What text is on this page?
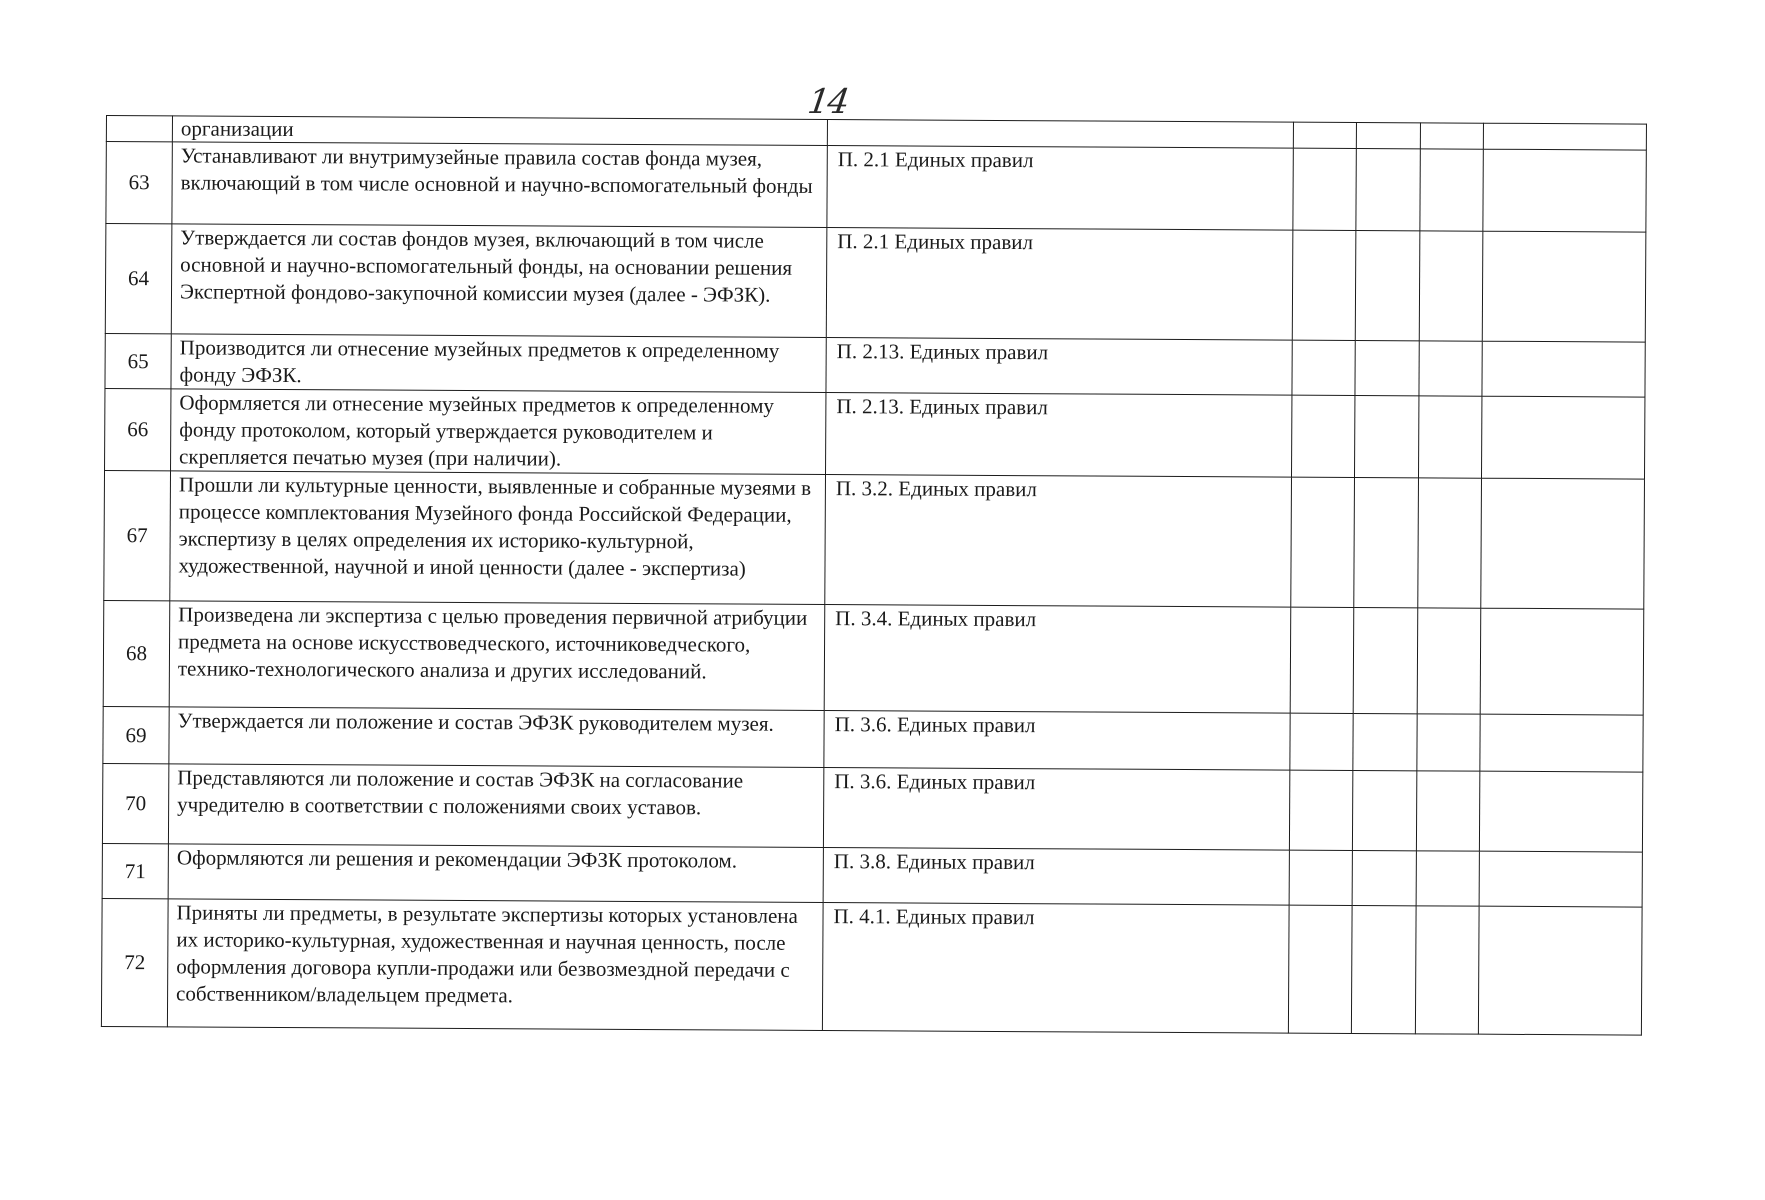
14
	организации					
63	Устанавливают ли внутримузейные правила состав фонда музея, включающий в том числе основной и научно-вспомогательный фонды	П. 2.1 Единых правил				
64	Утверждается ли состав фондов музея, включающий в том числе основной и научно-вспомогательный фонды, на основании решения Экспертной фондово-закупочной комиссии музея (далее - ЭФЗК).	П. 2.1 Единых правил				
65	Производится ли отнесение музейных предметов к определенному фонду ЭФЗК.	П. 2.13. Единых правил				
66	Оформляется ли отнесение музейных предметов к определенному фонду протоколом, который утверждается руководителем и скрепляется печатью музея (при наличии).	П. 2.13. Единых правил				
67	Прошли ли культурные ценности, выявленные и собранные музеями в процессе комплектования Музейного фонда Российской Федерации, экспертизу в целях определения их историко-культурной, художественной, научной и иной ценности (далее - экспертиза)	П. 3.2. Единых правил				
68	Произведена ли экспертиза с целью проведения первичной атрибуции предмета на основе искусствоведческого, источниковедческого, технико-технологического анализа и других исследований.	П. 3.4. Единых правил				
69	Утверждается ли положение и состав ЭФЗК руководителем музея.	П. 3.6. Единых правил				
70	Представляются ли положение и состав ЭФЗК на согласование учредителю в соответствии с положениями своих уставов.	П. 3.6. Единых правил				
71	Оформляются ли решения и рекомендации ЭФЗК протоколом.	П. 3.8. Единых правил				
72	Приняты ли предметы, в результате экспертизы которых установлена их историко-культурная, художественная и научная ценность, после оформления договора купли-продажи или безвозмездной передачи с собственником/владельцем предмета.	П. 4.1. Единых правил				
